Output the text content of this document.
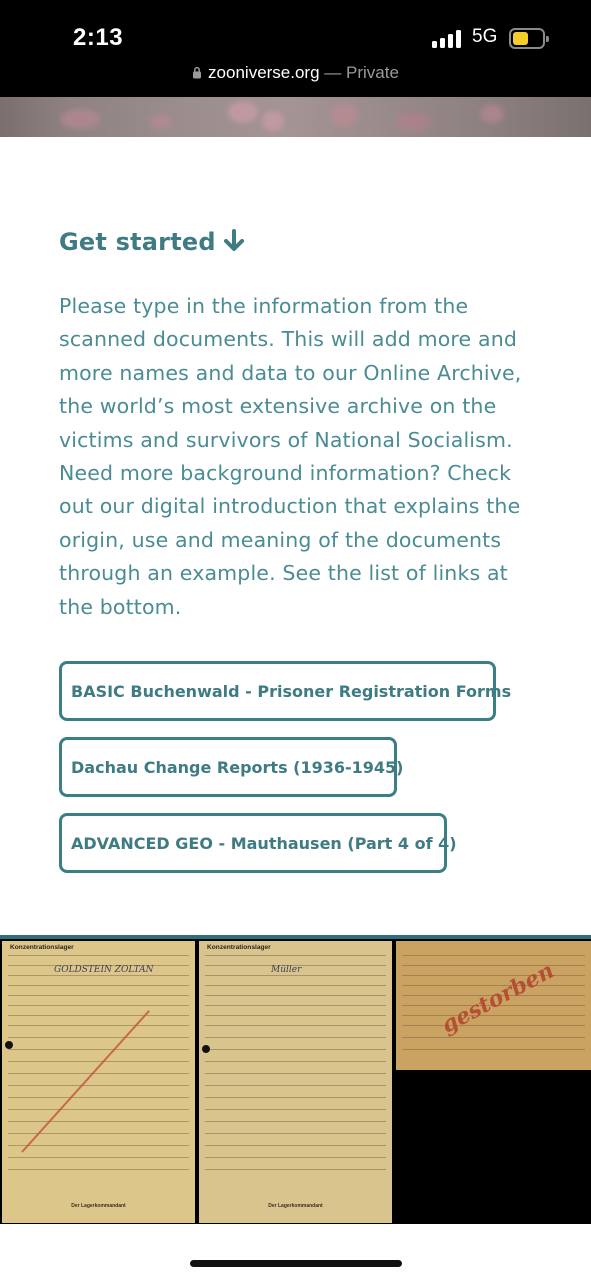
2:13	5G
zooniverse.org — Private
Get started

Please type in the information from the scanned documents. This will add more and more names and data to our Online Archive, the world’s most extensive archive on the victims and survivors of National Socialism. Need more background information? Check out our digital introduction that explains the origin, use and meaning of the documents through an example. See the list of links at the bottom.

BASIC Buchenwald - Prisoner Registration Forms
Dachau Change Reports (1936-1945)
ADVANCED GEO - Mauthausen (Part 4 of 4)
Konzentrationslager
GOLDSTEIN ZOLTAN
Der Lagerkommandant
Konzentrationslager
Müller
Der Lagerkommandant
gestorben
